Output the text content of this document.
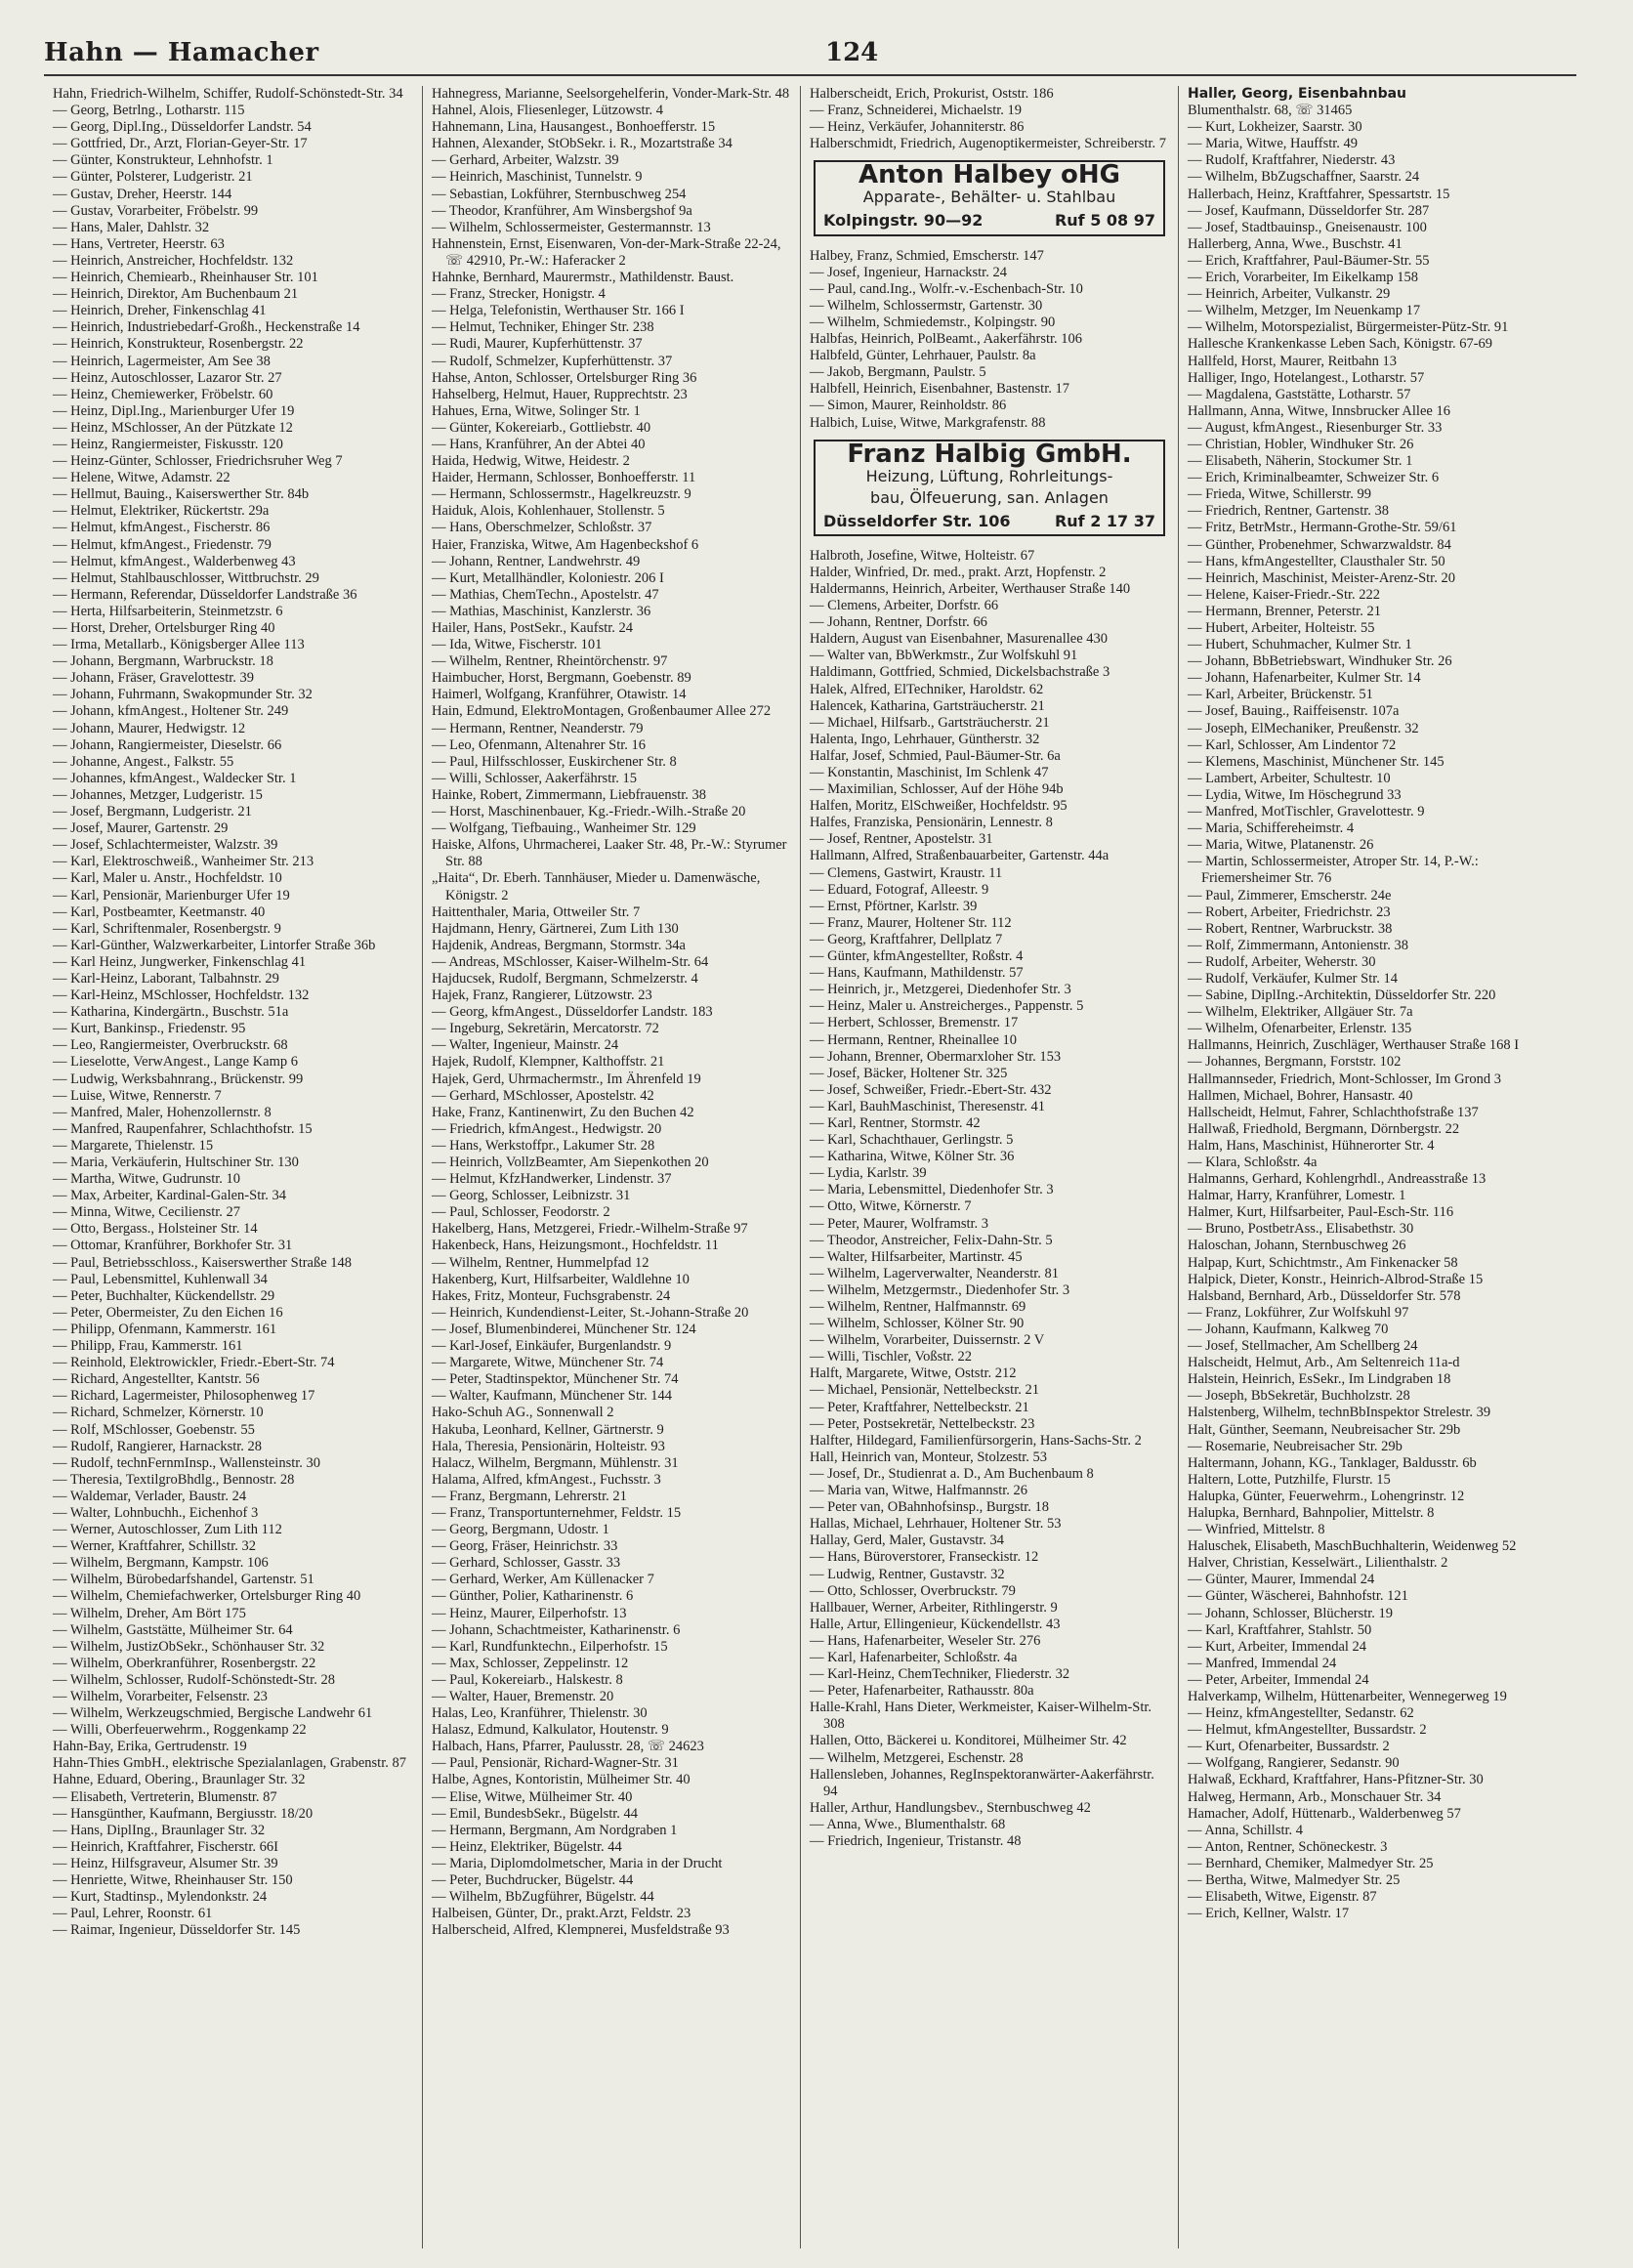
Hahn — Hamacher	124

Hahn, Friedrich-Wilhelm, Schiffer, Rudolf-Schönstedt-Str. 34

— Georg, Betrlng., Lotharstr. 115

— Georg, Dipl.Ing., Düsseldorfer Landstr. 54

— Gottfried, Dr., Arzt, Florian-Geyer-Str. 17

— Günter, Konstrukteur, Lehnhofstr. 1

— Günter, Polsterer, Ludgeristr. 21

— Gustav, Dreher, Heerstr. 144

— Gustav, Vorarbeiter, Fröbelstr. 99

— Hans, Maler, Dahlstr. 32

— Hans, Vertreter, Heerstr. 63

— Heinrich, Anstreicher, Hochfeldstr. 132

— Heinrich, Chemiearb., Rheinhauser Str. 101

— Heinrich, Direktor, Am Buchenbaum 21

— Heinrich, Dreher, Finkenschlag 41

— Heinrich, Industriebedarf-Großh., Heckenstraße 14

— Heinrich, Konstrukteur, Rosenbergstr. 22

— Heinrich, Lagermeister, Am See 38

— Heinz, Autoschlosser, Lazaror Str. 27

— Heinz, Chemiewerker, Fröbelstr. 60

— Heinz, Dipl.Ing., Marienburger Ufer 19

— Heinz, MSchlosser, An der Pützkate 12

— Heinz, Rangiermeister, Fiskusstr. 120

— Heinz-Günter, Schlosser, Friedrichsruher Weg 7

— Helene, Witwe, Adamstr. 22

— Hellmut, Bauing., Kaiserswerther Str. 84b

— Helmut, Elektriker, Rückertstr. 29a

— Helmut, kfmAngest., Fischerstr. 86

— Helmut, kfmAngest., Friedenstr. 79

— Helmut, kfmAngest., Walderbenweg 43

— Helmut, Stahlbauschlosser, Wittbruchstr. 29

— Hermann, Referendar, Düsseldorfer Landstraße 36

— Herta, Hilfsarbeiterin, Steinmetzstr. 6

— Horst, Dreher, Ortelsburger Ring 40

— Irma, Metallarb., Königsberger Allee 113

— Johann, Bergmann, Warbruckstr. 18

— Johann, Fräser, Gravelottestr. 39

— Johann, Fuhrmann, Swakopmunder Str. 32

— Johann, kfmAngest., Holtener Str. 249

— Johann, Maurer, Hedwigstr. 12

— Johann, Rangiermeister, Dieselstr. 66

— Johanne, Angest., Falkstr. 55

— Johannes, kfmAngest., Waldecker Str. 1

— Johannes, Metzger, Ludgeristr. 15

— Josef, Bergmann, Ludgeristr. 21

— Josef, Maurer, Gartenstr. 29

— Josef, Schlachtermeister, Walzstr. 39

— Karl, Elektroschweiß., Wanheimer Str. 213

— Karl, Maler u. Anstr., Hochfeldstr. 10

— Karl, Pensionär, Marienburger Ufer 19

— Karl, Postbeamter, Keetmanstr. 40

— Karl, Schriftenmaler, Rosenbergstr. 9

— Karl-Günther, Walzwerkarbeiter, Lintorfer Straße 36b

— Karl Heinz, Jungwerker, Finkenschlag 41

— Karl-Heinz, Laborant, Talbahnstr. 29

— Karl-Heinz, MSchlosser, Hochfeldstr. 132

— Katharina, Kindergärtn., Buschstr. 51a

— Kurt, Bankinsp., Friedenstr. 95

— Leo, Rangiermeister, Overbruckstr. 68

— Lieselotte, VerwAngest., Lange Kamp 6

— Ludwig, Werksbahnrang., Brückenstr. 99

— Luise, Witwe, Rennerstr. 7

— Manfred, Maler, Hohenzollernstr. 8

— Manfred, Raupenfahrer, Schlachthofstr. 15

— Margarete, Thielenstr. 15

— Maria, Verkäuferin, Hultschiner Str. 130

— Martha, Witwe, Gudrunstr. 10

— Max, Arbeiter, Kardinal-Galen-Str. 34

— Minna, Witwe, Cecilienstr. 27

— Otto, Bergass., Holsteiner Str. 14

— Ottomar, Kranführer, Borkhofer Str. 31

— Paul, Betriebsschloss., Kaiserswerther Straße 148

— Paul, Lebensmittel, Kuhlenwall 34

— Peter, Buchhalter, Kückendellstr. 29

— Peter, Obermeister, Zu den Eichen 16

— Philipp, Ofenmann, Kammerstr. 161

— Philipp, Frau, Kammerstr. 161

— Reinhold, Elektrowickler, Friedr.-Ebert-Str. 74

— Richard, Angestellter, Kantstr. 56

— Richard, Lagermeister, Philosophenweg 17

— Richard, Schmelzer, Körnerstr. 10

— Rolf, MSchlosser, Goebenstr. 55

— Rudolf, Rangierer, Harnackstr. 28

— Rudolf, technFernmInsp., Wallensteinstr. 30

— Theresia, TextilgroBhdlg., Bennostr. 28

— Waldemar, Verlader, Baustr. 24

— Walter, Lohnbuchh., Eichenhof 3

— Werner, Autoschlosser, Zum Lith 112

— Werner, Kraftfahrer, Schillstr. 32

— Wilhelm, Bergmann, Kampstr. 106

— Wilhelm, Bürobedarfshandel, Gartenstr. 51

— Wilhelm, Chemiefachwerker, Ortelsburger Ring 40

— Wilhelm, Dreher, Am Bört 175

— Wilhelm, Gaststätte, Mülheimer Str. 64

— Wilhelm, JustizObSekr., Schönhauser Str. 32

— Wilhelm, Oberkranführer, Rosenbergstr. 22

— Wilhelm, Schlosser, Rudolf-Schönstedt-Str. 28

— Wilhelm, Vorarbeiter, Felsenstr. 23

— Wilhelm, Werkzeugschmied, Bergische Landwehr 61

— Willi, Oberfeuerwehrm., Roggenkamp 22

Hahn-Bay, Erika, Gertrudenstr. 19

Hahn-Thies GmbH., elektrische Spezialanlagen, Grabenstr. 87

Hahne, Eduard, Obering., Braunlager Str. 32

— Elisabeth, Vertreterin, Blumenstr. 87

— Hansgünther, Kaufmann, Bergiusstr. 18/20

— Hans, DiplIng., Braunlager Str. 32

— Heinrich, Kraftfahrer, Fischerstr. 66I

— Heinz, Hilfsgraveur, Alsumer Str. 39

— Henriette, Witwe, Rheinhauser Str. 150

— Kurt, Stadtinsp., Mylendonkstr. 24

— Paul, Lehrer, Roonstr. 61

— Raimar, Ingenieur, Düsseldorfer Str. 145

Hahnegress, Marianne, Seelsorgehelferin, Vonder-Mark-Str. 48

Hahnel, Alois, Fliesenleger, Lützowstr. 4

Hahnemann, Lina, Hausangest., Bonhoefferstr. 15

Hahnen, Alexander, StObSekr. i. R., Mozartstraße 34

— Gerhard, Arbeiter, Walzstr. 39

— Heinrich, Maschinist, Tunnelstr. 9

— Sebastian, Lokführer, Sternbuschweg 254

— Theodor, Kranführer, Am Winsbergshof 9a

— Wilhelm, Schlossermeister, Gestermannstr. 13

Hahnenstein, Ernst, Eisenwaren, Von-der-Mark-Straße 22-24, ☏ 42910, Pr.-W.: Haferacker 2

Hahnke, Bernhard, Maurermstr., Mathildenstr. Baust.

— Franz, Strecker, Honigstr. 4

— Helga, Telefonistin, Werthauser Str. 166 I

— Helmut, Techniker, Ehinger Str. 238

— Rudi, Maurer, Kupferhüttenstr. 37

— Rudolf, Schmelzer, Kupferhüttenstr. 37

Hahse, Anton, Schlosser, Ortelsburger Ring 36

Hahselberg, Helmut, Hauer, Rupprechtstr. 23

Hahues, Erna, Witwe, Solinger Str. 1

— Günter, Kokereiarb., Gottliebstr. 40

— Hans, Kranführer, An der Abtei 40

Haida, Hedwig, Witwe, Heidestr. 2

Haider, Hermann, Schlosser, Bonhoefferstr. 11

— Hermann, Schlossermstr., Hagelkreuzstr. 9

Haiduk, Alois, Kohlenhauer, Stollenstr. 5

— Hans, Oberschmelzer, Schloßstr. 37

Haier, Franziska, Witwe, Am Hagenbeckshof 6

— Johann, Rentner, Landwehrstr. 49

— Kurt, Metallhändler, Koloniestr. 206 I

— Mathias, ChemTechn., Apostelstr. 47

— Mathias, Maschinist, Kanzlerstr. 36

Hailer, Hans, PostSekr., Kaufstr. 24

— Ida, Witwe, Fischerstr. 101

— Wilhelm, Rentner, Rheintörchenstr. 97

Haimbucher, Horst, Bergmann, Goebenstr. 89

Haimerl, Wolfgang, Kranführer, Otawistr. 14

Hain, Edmund, ElektroMontagen, Großenbaumer Allee 272

— Hermann, Rentner, Neanderstr. 79

— Leo, Ofenmann, Altenahrer Str. 16

— Paul, Hilfsschlosser, Euskirchener Str. 8

— Willi, Schlosser, Aakerfährstr. 15

Hainke, Robert, Zimmermann, Liebfrauenstr. 38

— Horst, Maschinenbauer, Kg.-Friedr.-Wilh.-Straße 20

— Wolfgang, Tiefbauing., Wanheimer Str. 129

Haiske, Alfons, Uhrmacherei, Laaker Str. 48, Pr.-W.: Styrumer Str. 88

„Haita“, Dr. Eberh. Tannhäuser, Mieder u. Damenwäsche, Königstr. 2

Haittenthaler, Maria, Ottweiler Str. 7

Hajdmann, Henry, Gärtnerei, Zum Lith 130

Hajdenik, Andreas, Bergmann, Stormstr. 34a

— Andreas, MSchlosser, Kaiser-Wilhelm-Str. 64

Hajducsek, Rudolf, Bergmann, Schmelzerstr. 4

Hajek, Franz, Rangierer, Lützowstr. 23

— Georg, kfmAngest., Düsseldorfer Landstr. 183

— Ingeburg, Sekretärin, Mercatorstr. 72

— Walter, Ingenieur, Mainstr. 24

Hajek, Rudolf, Klempner, Kalthoffstr. 21

Hajek, Gerd, Uhrmachermstr., Im Ährenfeld 19

— Gerhard, MSchlosser, Apostelstr. 42

Hake, Franz, Kantinenwirt, Zu den Buchen 42

— Friedrich, kfmAngest., Hedwigstr. 20

— Hans, Werkstoffpr., Lakumer Str. 28

— Heinrich, VollzBeamter, Am Siepenkothen 20

— Helmut, KfzHandwerker, Lindenstr. 37

— Georg, Schlosser, Leibnizstr. 31

— Paul, Schlosser, Feodorstr. 2

Hakelberg, Hans, Metzgerei, Friedr.-Wilhelm-Straße 97

Hakenbeck, Hans, Heizungsmont., Hochfeldstr. 11

— Wilhelm, Rentner, Hummelpfad 12

Hakenberg, Kurt, Hilfsarbeiter, Waldlehne 10

Hakes, Fritz, Monteur, Fuchsgrabenstr. 24

— Heinrich, Kundendienst-Leiter, St.-Johann-Straße 20

— Josef, Blumenbinderei, Münchener Str. 124

— Karl-Josef, Einkäufer, Burgenlandstr. 9

— Margarete, Witwe, Münchener Str. 74

— Peter, Stadtinspektor, Münchener Str. 74

— Walter, Kaufmann, Münchener Str. 144

Hako-Schuh AG., Sonnenwall 2

Hakuba, Leonhard, Kellner, Gärtnerstr. 9

Hala, Theresia, Pensionärin, Holteistr. 93

Halacz, Wilhelm, Bergmann, Mühlenstr. 31

Halama, Alfred, kfmAngest., Fuchsstr. 3

— Franz, Bergmann, Lehrerstr. 21

— Franz, Transportunternehmer, Feldstr. 15

— Georg, Bergmann, Udostr. 1

— Georg, Fräser, Heinrichstr. 33

— Gerhard, Schlosser, Gasstr. 33

— Gerhard, Werker, Am Küllenacker 7

— Günther, Polier, Katharinenstr. 6

— Heinz, Maurer, Eilperhofstr. 13

— Johann, Schachtmeister, Katharinenstr. 6

— Karl, Rundfunktechn., Eilperhofstr. 15

— Max, Schlosser, Zeppelinstr. 12

— Paul, Kokereiarb., Halskestr. 8

— Walter, Hauer, Bremenstr. 20

Halas, Leo, Kranführer, Thielenstr. 30

Halasz, Edmund, Kalkulator, Houtenstr. 9

Halbach, Hans, Pfarrer, Paulusstr. 28, ☏ 24623

— Paul, Pensionär, Richard-Wagner-Str. 31

Halbe, Agnes, Kontoristin, Mülheimer Str. 40

— Elise, Witwe, Mülheimer Str. 40

— Emil, BundesbSekr., Bügelstr. 44

— Hermann, Bergmann, Am Nordgraben 1

— Heinz, Elektriker, Bügelstr. 44

— Maria, Diplomdolmetscher, Maria in der Drucht

— Peter, Buchdrucker, Bügelstr. 44

— Wilhelm, BbZugführer, Bügelstr. 44

Halbeisen, Günter, Dr., prakt.Arzt, Feldstr. 23

Halberscheid, Alfred, Klempnerei, Musfeldstraße 93

Halberscheidt, Erich, Prokurist, Oststr. 186

— Franz, Schneiderei, Michaelstr. 19

— Heinz, Verkäufer, Johanniterstr. 86

Halberschmidt, Friedrich, Augenoptikermeister, Schreiberstr. 7

Anton Halbey oHG
Apparate-, Behälter- u. Stahlbau
Kolpingstr. 90—92	Ruf 5 08 97

Halbey, Franz, Schmied, Emscherstr. 147

— Josef, Ingenieur, Harnackstr. 24

— Paul, cand.Ing., Wolfr.-v.-Eschenbach-Str. 10

— Wilhelm, Schlossermstr, Gartenstr. 30

— Wilhelm, Schmiedemstr., Kolpingstr. 90

Halbfas, Heinrich, PolBeamt., Aakerfährstr. 106

Halbfeld, Günter, Lehrhauer, Paulstr. 8a

— Jakob, Bergmann, Paulstr. 5

Halbfell, Heinrich, Eisenbahner, Bastenstr. 17

— Simon, Maurer, Reinholdstr. 86

Halbich, Luise, Witwe, Markgrafenstr. 88

Franz Halbig GmbH.
Heizung, Lüftung, Rohrleitungs-
bau, Ölfeuerung, san. Anlagen
Düsseldorfer Str. 106	Ruf 2 17 37

Halbroth, Josefine, Witwe, Holteistr. 67

Halder, Winfried, Dr. med., prakt. Arzt, Hopfenstr. 2

Haldermanns, Heinrich, Arbeiter, Werthauser Straße 140

— Clemens, Arbeiter, Dorfstr. 66

— Johann, Rentner, Dorfstr. 66

Haldern, August van Eisenbahner, Masurenallee 430

— Walter van, BbWerkmstr., Zur Wolfskuhl 91

Haldimann, Gottfried, Schmied, Dickelsbachstraße 3

Halek, Alfred, ElTechniker, Haroldstr. 62

Halencek, Katharina, Gartsträucherstr. 21

— Michael, Hilfsarb., Gartsträucherstr. 21

Halenta, Ingo, Lehrhauer, Güntherstr. 32

Halfar, Josef, Schmied, Paul-Bäumer-Str. 6a

— Konstantin, Maschinist, Im Schlenk 47

— Maximilian, Schlosser, Auf der Höhe 94b

Halfen, Moritz, ElSchweißer, Hochfeldstr. 95

Halfes, Franziska, Pensionärin, Lennestr. 8

— Josef, Rentner, Apostelstr. 31

Hallmann, Alfred, Straßenbauarbeiter, Gartenstr. 44a

— Clemens, Gastwirt, Kraustr. 11

— Eduard, Fotograf, Alleestr. 9

— Ernst, Pförtner, Karlstr. 39

— Franz, Maurer, Holtener Str. 112

— Georg, Kraftfahrer, Dellplatz 7

— Günter, kfmAngestellter, Roßstr. 4

— Hans, Kaufmann, Mathildenstr. 57

— Heinrich, jr., Metzgerei, Diedenhofer Str. 3

— Heinz, Maler u. Anstreicherges., Pappenstr. 5

— Herbert, Schlosser, Bremenstr. 17

— Hermann, Rentner, Rheinallee 10

— Johann, Brenner, Obermarxloher Str. 153

— Josef, Bäcker, Holtener Str. 325

— Josef, Schweißer, Friedr.-Ebert-Str. 432

— Karl, BauhMaschinist, Theresenstr. 41

— Karl, Rentner, Stormstr. 42

— Karl, Schachthauer, Gerlingstr. 5

— Katharina, Witwe, Kölner Str. 36

— Lydia, Karlstr. 39

— Maria, Lebensmittel, Diedenhofer Str. 3

— Otto, Witwe, Körnerstr. 7

— Peter, Maurer, Wolframstr. 3

— Theodor, Anstreicher, Felix-Dahn-Str. 5

— Walter, Hilfsarbeiter, Martinstr. 45

— Wilhelm, Lagerverwalter, Neanderstr. 81

— Wilhelm, Metzgermstr., Diedenhofer Str. 3

— Wilhelm, Rentner, Halfmannstr. 69

— Wilhelm, Schlosser, Kölner Str. 90

— Wilhelm, Vorarbeiter, Duissernstr. 2 V

— Willi, Tischler, Voßstr. 22

Halft, Margarete, Witwe, Oststr. 212

— Michael, Pensionär, Nettelbeckstr. 21

— Peter, Kraftfahrer, Nettelbeckstr. 21

— Peter, Postsekretär, Nettelbeckstr. 23

Halfter, Hildegard, Familienfürsorgerin, Hans-Sachs-Str. 2

Hall, Heinrich van, Monteur, Stolzestr. 53

— Josef, Dr., Studienrat a. D., Am Buchenbaum 8

— Maria van, Witwe, Halfmannstr. 26

— Peter van, OBahnhofsinsp., Burgstr. 18

Hallas, Michael, Lehrhauer, Holtener Str. 53

Hallay, Gerd, Maler, Gustavstr. 34

— Hans, Büroverstorer, Franseckistr. 12

— Ludwig, Rentner, Gustavstr. 32

— Otto, Schlosser, Overbruckstr. 79

Hallbauer, Werner, Arbeiter, Rithlingerstr. 9

Halle, Artur, Ellingenieur, Kückendellstr. 43

— Hans, Hafenarbeiter, Weseler Str. 276

— Karl, Hafenarbeiter, Schloßstr. 4a

— Karl-Heinz, ChemTechniker, Fliederstr. 32

— Peter, Hafenarbeiter, Rathausstr. 80a

Halle-Krahl, Hans Dieter, Werkmeister, Kaiser-Wilhelm-Str. 308

Hallen, Otto, Bäckerei u. Konditorei, Mülheimer Str. 42

— Wilhelm, Metzgerei, Eschenstr. 28

Hallensleben, Johannes, RegInspektoranwärter-Aakerfährstr. 94

Haller, Arthur, Handlungsbev., Sternbuschweg 42

— Anna, Wwe., Blumenthalstr. 68

— Friedrich, Ingenieur, Tristanstr. 48

Haller, Georg, Eisenbahnbau

Blumenthalstr. 68, ☏ 31465

— Kurt, Lokheizer, Saarstr. 30

— Maria, Witwe, Hauffstr. 49

— Rudolf, Kraftfahrer, Niederstr. 43

— Wilhelm, BbZugschaffner, Saarstr. 24

Hallerbach, Heinz, Kraftfahrer, Spessartstr. 15

— Josef, Kaufmann, Düsseldorfer Str. 287

— Josef, Stadtbauinsp., Gneisenaustr. 100

Hallerberg, Anna, Wwe., Buschstr. 41

— Erich, Kraftfahrer, Paul-Bäumer-Str. 55

— Erich, Vorarbeiter, Im Eikelkamp 158

— Heinrich, Arbeiter, Vulkanstr. 29

— Wilhelm, Metzger, Im Neuenkamp 17

— Wilhelm, Motorspezialist, Bürgermeister-Pütz-Str. 91

Hallesche Krankenkasse Leben Sach, Königstr. 67-69

Hallfeld, Horst, Maurer, Reitbahn 13

Halliger, Ingo, Hotelangest., Lotharstr. 57

— Magdalena, Gaststätte, Lotharstr. 57

Hallmann, Anna, Witwe, Innsbrucker Allee 16

— August, kfmAngest., Riesenburger Str. 33

— Christian, Hobler, Windhuker Str. 26

— Elisabeth, Näherin, Stockumer Str. 1

— Erich, Kriminalbeamter, Schweizer Str. 6

— Frieda, Witwe, Schillerstr. 99

— Friedrich, Rentner, Gartenstr. 38

— Fritz, BetrMstr., Hermann-Grothe-Str. 59/61

— Günther, Probenehmer, Schwarzwaldstr. 84

— Hans, kfmAngestellter, Clausthaler Str. 50

— Heinrich, Maschinist, Meister-Arenz-Str. 20

— Helene, Kaiser-Friedr.-Str. 222

— Hermann, Brenner, Peterstr. 21

— Hubert, Arbeiter, Holteistr. 55

— Hubert, Schuhmacher, Kulmer Str. 1

— Johann, BbBetriebswart, Windhuker Str. 26

— Johann, Hafenarbeiter, Kulmer Str. 14

— Karl, Arbeiter, Brückenstr. 51

— Josef, Bauing., Raiffeisenstr. 107a

— Joseph, ElMechaniker, Preußenstr. 32

— Karl, Schlosser, Am Lindentor 72

— Klemens, Maschinist, Münchener Str. 145

— Lambert, Arbeiter, Schultestr. 10

— Lydia, Witwe, Im Höschegrund 33

— Manfred, MotTischler, Gravelottestr. 9

— Maria, Schiffereheimstr. 4

— Maria, Witwe, Platanenstr. 26

— Martin, Schlossermeister, Atroper Str. 14, P.-W.: Friemersheimer Str. 76

— Paul, Zimmerer, Emscherstr. 24e

— Robert, Arbeiter, Friedrichstr. 23

— Robert, Rentner, Warbruckstr. 38

— Rolf, Zimmermann, Antonienstr. 38

— Rudolf, Arbeiter, Weherstr. 30

— Rudolf, Verkäufer, Kulmer Str. 14

— Sabine, DiplIng.-Architektin, Düsseldorfer Str. 220

— Wilhelm, Elektriker, Allgäuer Str. 7a

— Wilhelm, Ofenarbeiter, Erlenstr. 135

Hallmanns, Heinrich, Zuschläger, Werthauser Straße 168 I

— Johannes, Bergmann, Forststr. 102

Hallmannseder, Friedrich, Mont-Schlosser, Im Grond 3

Hallmen, Michael, Bohrer, Hansastr. 40

Hallscheidt, Helmut, Fahrer, Schlachthofstraße 137

Hallwaß, Friedhold, Bergmann, Dörnbergstr. 22

Halm, Hans, Maschinist, Hühnerorter Str. 4

— Klara, Schloßstr. 4a

Halmanns, Gerhard, Kohlengrhdl., Andreasstraße 13

Halmar, Harry, Kranführer, Lomestr. 1

Halmer, Kurt, Hilfsarbeiter, Paul-Esch-Str. 116

— Bruno, PostbetrAss., Elisabethstr. 30

Haloschan, Johann, Sternbuschweg 26

Halpap, Kurt, Schichtmstr., Am Finkenacker 58

Halpick, Dieter, Konstr., Heinrich-Albrod-Straße 15

Halsband, Bernhard, Arb., Düsseldorfer Str. 578

— Franz, Lokführer, Zur Wolfskuhl 97

— Johann, Kaufmann, Kalkweg 70

— Josef, Stellmacher, Am Schellberg 24

Halscheidt, Helmut, Arb., Am Seltenreich 11a-d

Halstein, Heinrich, EsSekr., Im Lindgraben 18

— Joseph, BbSekretär, Buchholzstr. 28

Halstenberg, Wilhelm, technBbInspektor Strelestr. 39

Halt, Günther, Seemann, Neubreisacher Str. 29b

— Rosemarie, Neubreisacher Str. 29b

Haltermann, Johann, KG., Tanklager, Baldusstr. 6b

Haltern, Lotte, Putzhilfe, Flurstr. 15

Halupka, Günter, Feuerwehrm., Lohengrinstr. 12

Halupka, Bernhard, Bahnpolier, Mittelstr. 8

— Winfried, Mittelstr. 8

Haluschek, Elisabeth, MaschBuchhalterin, Weidenweg 52

Halver, Christian, Kesselwärt., Lilienthalstr. 2

— Günter, Maurer, Immendal 24

— Günter, Wäscherei, Bahnhofstr. 121

— Johann, Schlosser, Blücherstr. 19

— Karl, Kraftfahrer, Stahlstr. 50

— Kurt, Arbeiter, Immendal 24

— Manfred, Immendal 24

— Peter, Arbeiter, Immendal 24

Halverkamp, Wilhelm, Hüttenarbeiter, Wennegerweg 19

— Heinz, kfmAngestellter, Sedanstr. 62

— Helmut, kfmAngestellter, Bussardstr. 2

— Kurt, Ofenarbeiter, Bussardstr. 2

— Wolfgang, Rangierer, Sedanstr. 90

Halwaß, Eckhard, Kraftfahrer, Hans-Pfitzner-Str. 30

Halweg, Hermann, Arb., Monschauer Str. 34

Hamacher, Adolf, Hüttenarb., Walderbenweg 57

— Anna, Schillstr. 4

— Anton, Rentner, Schöneckestr. 3

— Bernhard, Chemiker, Malmedyer Str. 25

— Bertha, Witwe, Malmedyer Str. 25

— Elisabeth, Witwe, Eigenstr. 87

— Erich, Kellner, Walstr. 17
